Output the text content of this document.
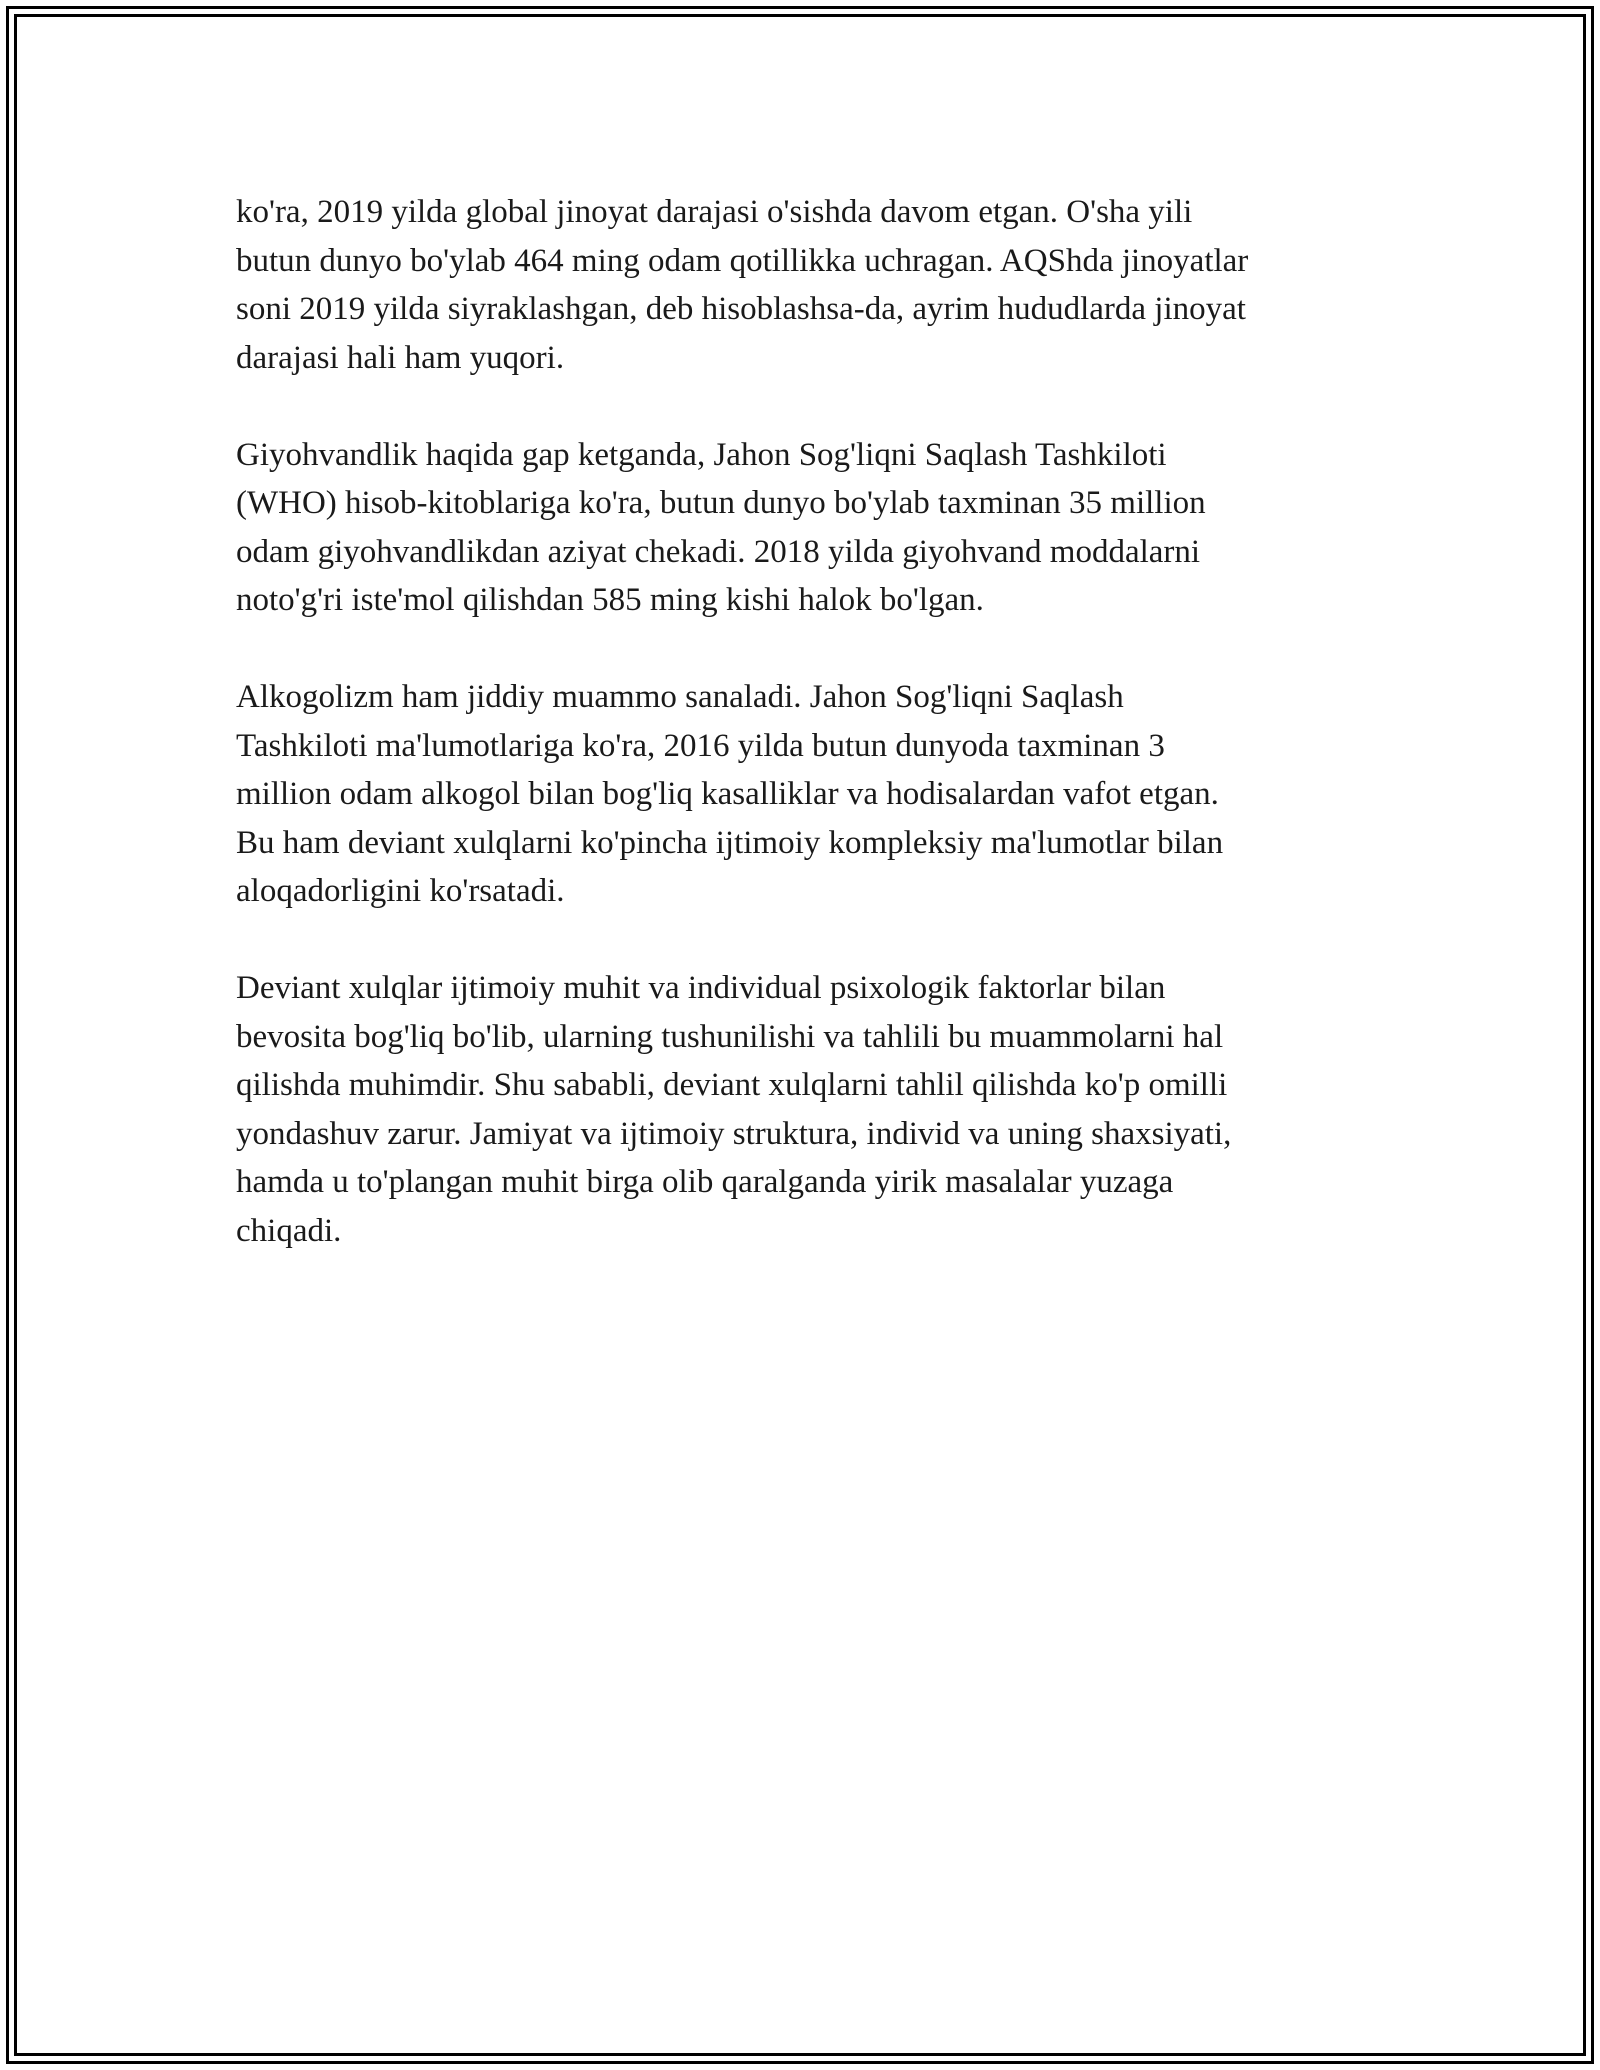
ko'ra, 2019 yilda global jinoyat darajasi o'sishda davom etgan. O'sha yili
butun dunyo bo'ylab 464 ming odam qotillikka uchragan. AQShda jinoyatlar
soni 2019 yilda siyraklashgan, deb hisoblashsa-da, ayrim hududlarda jinoyat
darajasi hali ham yuqori.

Giyohvandlik haqida gap ketganda, Jahon Sog'liqni Saqlash Tashkiloti
(WHO) hisob-kitoblariga ko'ra, butun dunyo bo'ylab taxminan 35 million
odam giyohvandlikdan aziyat chekadi. 2018 yilda giyohvand moddalarni
noto'g'ri iste'mol qilishdan 585 ming kishi halok bo'lgan.

Alkogolizm ham jiddiy muammo sanaladi. Jahon Sog'liqni Saqlash
Tashkiloti ma'lumotlariga ko'ra, 2016 yilda butun dunyoda taxminan 3
million odam alkogol bilan bog'liq kasalliklar va hodisalardan vafot etgan.
Bu ham deviant xulqlarni ko'pincha ijtimoiy kompleksiy ma'lumotlar bilan
aloqadorligini ko'rsatadi.

Deviant xulqlar ijtimoiy muhit va individual psixologik faktorlar bilan
bevosita bog'liq bo'lib, ularning tushunilishi va tahlili bu muammolarni hal
qilishda muhimdir. Shu sababli, deviant xulqlarni tahlil qilishda ko'p omilli
yondashuv zarur. Jamiyat va ijtimoiy struktura, individ va uning shaxsiyati,
hamda u to'plangan muhit birga olib qaralganda yirik masalalar yuzaga
chiqadi.
